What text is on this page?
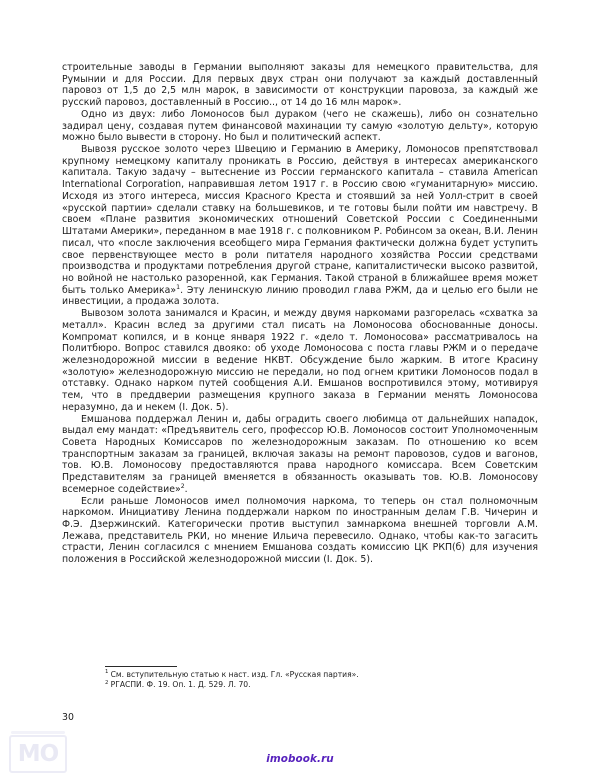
строительные заводы в Германии выполняют заказы для немецкого правительства, для Румынии и для России. Для первых двух стран они получают за каждый доставленный паровоз от 1,5 до 2,5 млн марок, в зависимости от конструкции паровоза, за каждый же русский паровоз, доставленный в Россию.., от 14 до 16 млн марок».

Одно из двух: либо Ломоносов был дураком (чего не скажешь), либо он сознательно задирал цену, создавая путем финансовой махинации ту самую «золотую дельту», которую можно было вывести в сторону. Но был и политический аспект.

Вывозя русское золото через Швецию и Германию в Америку, Ломоносов препятствовал крупному немецкому капиталу проникать в Россию, действуя в интересах американского капитала. Такую задачу – вытеснение из России германского капитала – ставила American International Corporation, направившая летом 1917 г. в Россию свою «гуманитарную» миссию. Исходя из этого интереса, миссия Красного Креста и стоявший за ней Уолл-стрит в своей «русской партии» сделали ставку на большевиков, и те готовы были пойти им навстречу. В своем «Плане развития экономических отношений Советской России с Соединенными Штатами Америки», переданном в мае 1918 г. с полковником Р. Робинсом за океан, В.И. Ленин писал, что «после заключения всеобщего мира Германия фактически должна будет уступить свое первенствующее место в роли питателя народного хозяйства России средствами производства и продуктами потребления другой стране, капиталистически высоко развитой, но войной не настолько разоренной, как Германия. Такой страной в ближайшее время может быть только Америка»$^1$. Эту ленинскую линию проводил глава РЖМ, да и целью его были не инвестиции, а продажа золота.

Вывозом золота занимался и Красин, и между двумя наркомами разгорелась «схватка за металл». Красин вслед за другими стал писать на Ломоносова обоснованные доносы. Компромат копился, и в конце января 1922 г. «дело т. Ломоносова» рассматривалось на Политбюро. Вопрос ставился двояко: об уходе Ломоносова с поста главы РЖМ и о передаче железнодорожной миссии в ведение НКВТ. Обсуждение было жарким. В итоге Красину «золотую» железнодорожную миссию не передали, но под огнем критики Ломоносов подал в отставку. Однако нарком путей сообщения А.И. Емшанов воспротивился этому, мотивируя тем, что в преддверии размещения крупного заказа в Германии менять Ломоносова неразумно, да и некем (I. Док. 5).

Емшанова поддержал Ленин и, дабы оградить своего любимца от дальнейших нападок, выдал ему мандат: «Предъявитель сего, профессор Ю.В. Ломоносов состоит Уполномоченным Совета Народных Комиссаров по железнодорожным заказам. По отношению ко всем транспортным заказам за границей, включая заказы на ремонт паровозов, судов и вагонов, тов. Ю.В. Ломоносову предоставляются права народного комиссара. Всем Советским Представителям за границей вменяется в обязанность оказывать тов. Ю.В. Ломоносову всемерное содействие»$^2$.

Если раньше Ломоносов имел полномочия наркома, то теперь он стал полномочным наркомом. Инициативу Ленина поддержали нарком по иностранным делам Г.В. Чичерин и Ф.Э. Дзержинский. Категорически против выступил замнаркома внешней торговли А.М. Лежава, представитель РКИ, но мнение Ильича перевесило. Однако, чтобы как-то загасить страсти, Ленин согласился с мнением Емшанова создать комиссию ЦК РКП(б) для изучения положения в Российской железнодорожной миссии (I. Док. 5).

$^1$ См. вступительную статью к наст. изд. Гл. «Русская партия».

$^2$ РГАСПИ. Ф. 19. Оп. 1. Д. 529. Л. 70.

30
MO	imobook.ru
